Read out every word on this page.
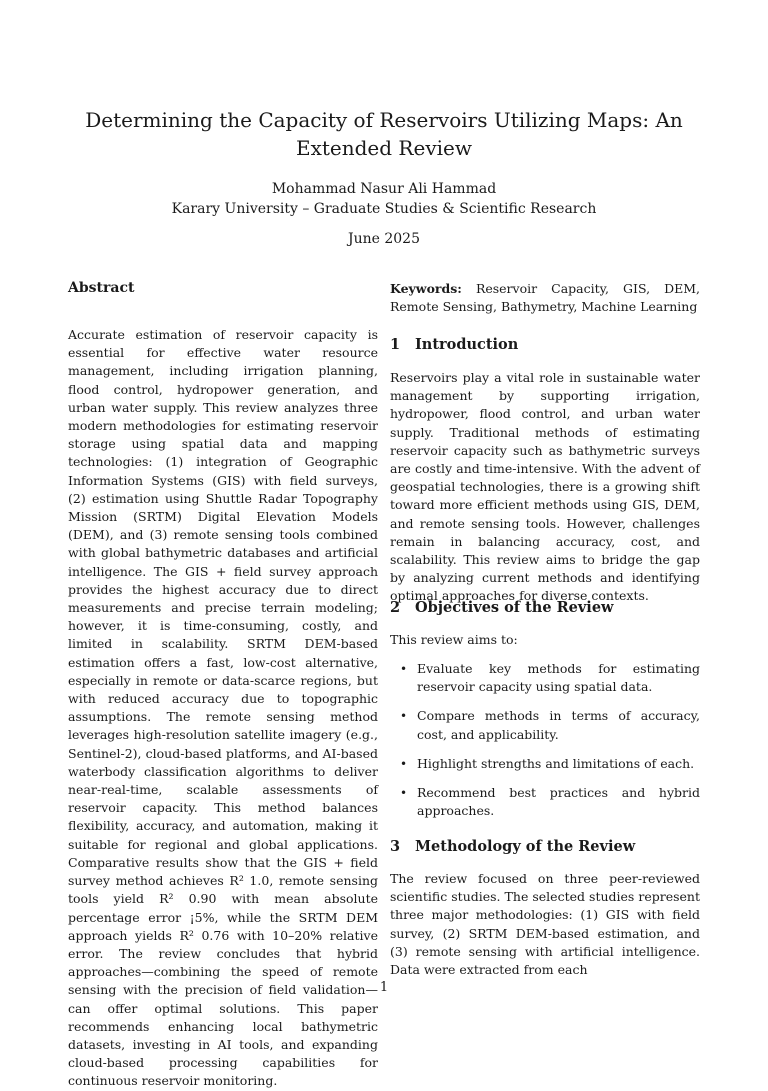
Determining the Capacity of Reservoirs Utilizing Maps: An Extended Review
Mohammad Nasur Ali Hammad
Karary University – Graduate Studies & Scientific Research
June 2025
Abstract

Accurate estimation of reservoir capacity is essential for effective water resource management, including irrigation planning, flood control, hydropower generation, and urban water supply. This review analyzes three modern methodologies for estimating reservoir storage using spatial data and mapping technologies: (1) integration of Geographic Information Systems (GIS) with field surveys, (2) estimation using Shuttle Radar Topography Mission (SRTM) Digital Elevation Models (DEM), and (3) remote sensing tools combined with global bathymetric databases and artificial intelligence. The GIS + field survey approach provides the highest accuracy due to direct measurements and precise terrain modeling; however, it is time-consuming, costly, and limited in scalability. SRTM DEM-based estimation offers a fast, low-cost alternative, especially in remote or data-scarce regions, but with reduced accuracy due to topographic assumptions. The remote sensing method leverages high-resolution satellite imagery (e.g., Sentinel-2), cloud-based platforms, and AI-based waterbody classification algorithms to deliver near-real-time, scalable assessments of reservoir capacity. This method balances flexibility, accuracy, and automation, making it suitable for regional and global applications. Comparative results show that the GIS + field survey method achieves R² 1.0, remote sensing tools yield R² 0.90 with mean absolute percentage error ¡5%, while the SRTM DEM approach yields R² 0.76 with 10–20% relative error. The review concludes that hybrid approaches—combining the speed of remote sensing with the precision of field validation—can offer optimal solutions. This paper recommends enhancing local bathymetric datasets, investing in AI tools, and expanding cloud-based processing capabilities for continuous reservoir monitoring.

Keywords: Reservoir Capacity, GIS, DEM, Remote Sensing, Bathymetry, Machine Learning

1 Introduction

Reservoirs play a vital role in sustainable water management by supporting irrigation, hydropower, flood control, and urban water supply. Traditional methods of estimating reservoir capacity such as bathymetric surveys are costly and time-intensive. With the advent of geospatial technologies, there is a growing shift toward more efficient methods using GIS, DEM, and remote sensing tools. However, challenges remain in balancing accuracy, cost, and scalability. This review aims to bridge the gap by analyzing current methods and identifying optimal approaches for diverse contexts.

2 Objectives of the Review

This review aims to:

• Evaluate key methods for estimating reservoir capacity using spatial data.
• Compare methods in terms of accuracy, cost, and applicability.
• Highlight strengths and limitations of each.
• Recommend best practices and hybrid approaches.
3 Methodology of the Review

The review focused on three peer-reviewed scientific studies. The selected studies represent three major methodologies: (1) GIS with field survey, (2) SRTM DEM-based estimation, and (3) remote sensing with artificial intelligence. Data were extracted from each

1
